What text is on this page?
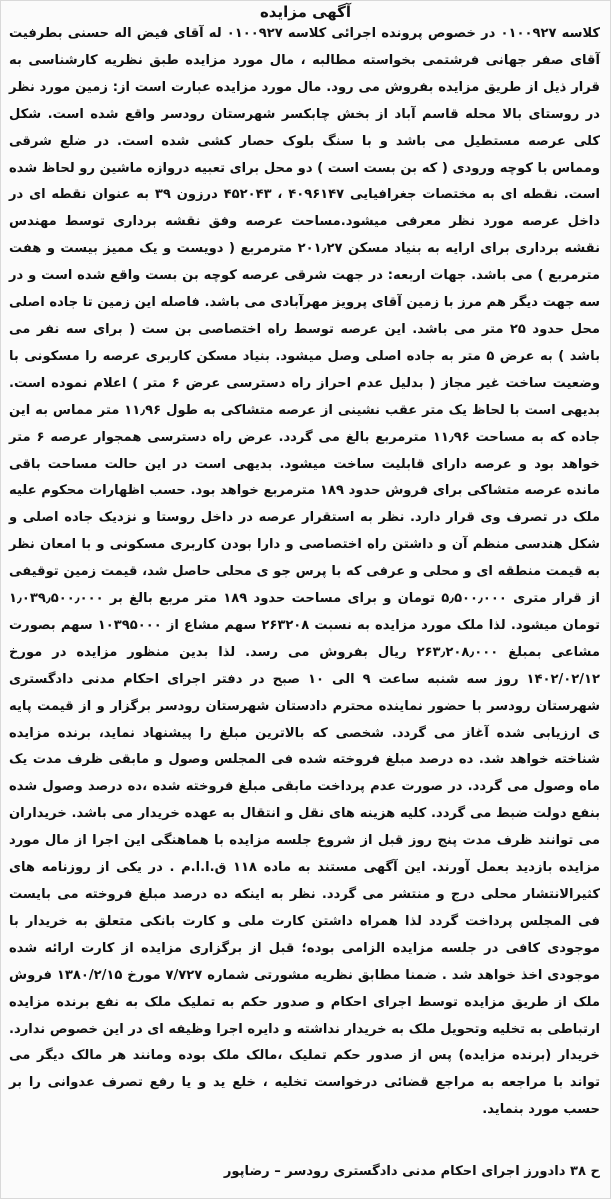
آگهی مزایده

کلاسه ۰۱۰۰۹۲۷ در خصوص پرونده اجرائی کلاسه ۰۱۰۰۹۲۷ له آقای فیض اله حسنی بطرفیت آقای صفر جهانی فرشتمی بخواسته مطالبه ، مال مورد مزایده طبق نظریه کارشناسی به قرار ذیل از طریق مزایده بفروش می رود. مال مورد مزایده عبارت است از: زمین مورد نظر در روستای بالا محله قاسم آباد از بخش چابکسر شهرستان رودسر واقع شده است. شکل کلی عرصه مستطیل می باشد و با سنگ بلوک حصار کشی شده است. در ضلع شرقی ومماس با کوچه ورودی ( که بن بست است ) دو محل برای تعبیه دروازه ماشین رو لحاظ شده است. نقطه ای به مختصات جغرافیایی ۴۰۹۶۱۴۷ ، ۴۵۲۰۴۳ درزون ۳۹ به عنوان نقطه ای در داخل عرصه مورد نظر معرفی میشود.مساحت عرصه وفق نقشه برداری توسط مهندس نقشه برداری برای ارایه به بنیاد مسکن ۲۰۱٫۲۷ مترمربع ( دویست و یک ممیز بیست و هفت مترمربع ) می باشد. جهات اربعه: در جهت شرقی عرصه کوچه بن بست واقع شده است و در سه جهت دیگر هم مرز با زمین آقای پرویز مهرآبادی می باشد. فاصله این زمین تا جاده اصلی محل حدود ۲۵ متر می باشد. این عرصه توسط راه اختصاصی بن ست ( برای سه نفر می باشد ) به عرض ۵ متر به جاده اصلی وصل میشود. بنیاد مسکن کاربری عرصه را مسکونی با وضعیت ساخت غیر مجاز ( بدلیل عدم احراز راه دسترسی عرض ۶ متر ) اعلام نموده است. بدیهی است با لحاظ یک متر عقب نشینی از عرصه متشاکی به طول ۱۱٫۹۶ متر مماس به این جاده که به مساحت ۱۱٫۹۶ مترمربع بالغ می گردد. عرض راه دسترسی همجوار عرصه ۶ متر خواهد بود و عرصه دارای قابلیت ساخت میشود. بدیهی است در این حالت مساحت باقی مانده عرصه متشاکی برای فروش حدود ۱۸۹ مترمربع خواهد بود. حسب اظهارات محکوم علیه ملک در تصرف وی قرار دارد. نظر به استقرار عرصه در داخل روستا و نزدیک جاده اصلی و شکل هندسی منظم آن و داشتن راه اختصاصی و دارا بودن کاربری مسکونی و با امعان نظر به قیمت منطقه ای و محلی و عرفی که با پرس جو ی محلی حاصل شد، قیمت زمین توقیفی از قرار متری ۵٫۵۰۰٫۰۰۰ تومان و برای مساحت حدود ۱۸۹ متر مربع بالغ بر ۱٫۰۳۹٫۵۰۰٫۰۰۰ تومان میشود. لذا ملک مورد مزایده به نسبت ۲۶۳۲۰۸ سهم مشاع از ۱۰۳۹۵۰۰۰ سهم بصورت مشاعی بمبلغ ۲۶۳٫۲۰۸٫۰۰۰ ریال بفروش می رسد. لذا بدین منظور مزایده در مورخ ۱۴۰۲/۰۲/۱۲ روز سه شنبه ساعت ۹ الی ۱۰ صبح در دفتر اجرای احکام مدنی دادگستری شهرستان رودسر با حضور نماینده محترم دادستان شهرستان رودسر برگزار و از قیمت پایه ی ارزیابی شده آغاز می گردد. شخصی که بالاترین مبلغ را پیشنهاد نماید، برنده مزایده شناخته خواهد شد. ده درصد مبلغ فروخته شده فی المجلس وصول و مابقی ظرف مدت یک ماه وصول می گردد. در صورت عدم پرداخت مابقی مبلغ فروخته شده ،ده درصد وصول شده بنفع دولت ضبط می گردد. کلیه هزینه های نقل و انتقال به عهده خریدار می باشد. خریداران می توانند ظرف مدت پنج روز قبل از شروع جلسه مزایده با هماهنگی این اجرا از مال مورد مزایده بازدید بعمل آورند. این آگهی مستند به ماده ۱۱۸ ق.ا.ا.م . در یکی از روزنامه های کثیرالانتشار محلی درج و منتشر می گردد. نظر به اینکه ده درصد مبلغ فروخته می بایست فی المجلس پرداخت گردد لذا همراه داشتن کارت ملی و کارت بانکی متعلق به خریدار با موجودی کافی در جلسه مزایده الزامی بوده؛ قبل از برگزاری مزایده از کارت ارائه شده موجودی اخذ خواهد شد . ضمنا مطابق نظریه مشورتی شماره ۷/۷۲۷ مورخ ۱۳۸۰/۲/۱۵ فروش ملک از طریق مزایده توسط اجرای احکام و صدور حکم به تملیک ملک به نفع برنده مزایده ارتباطی به تخلیه وتحویل ملک به خریدار نداشته و دایره اجرا وظیفه ای در این خصوص ندارد. خریدار (برنده مزایده) پس از صدور حکم تملیک ،مالک ملک بوده ومانند هر مالک دیگر می تواند با مراجعه به مراجع قضائی درخواست تخلیه ، خلع ید و یا رفع تصرف عدوانی را بر حسب مورد بنماید.

ح ۳۸ دادورز اجرای احکام مدنی دادگستری رودسر – رضاپور
